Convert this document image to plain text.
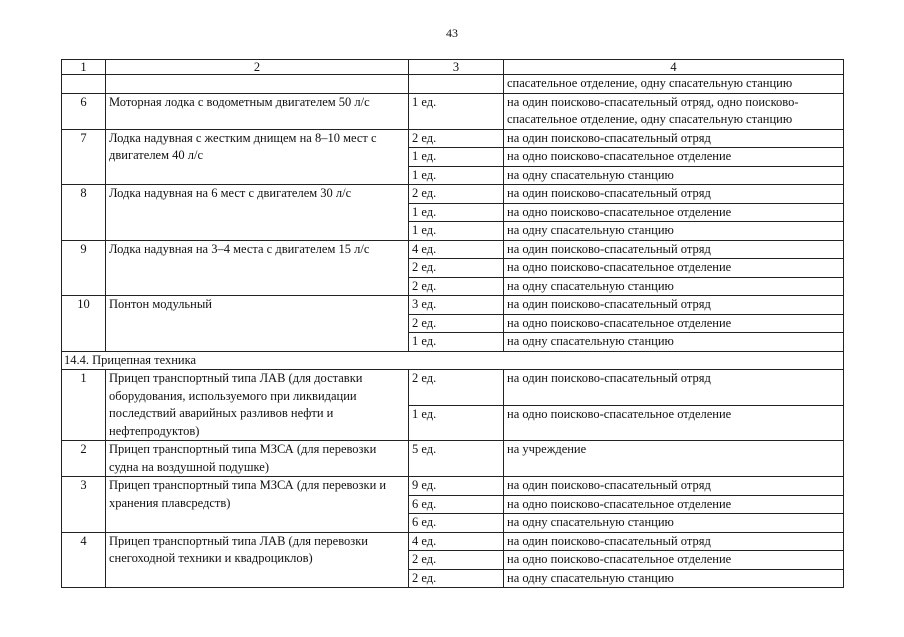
43
1	2	3	4
			спасательное отделение, одну спасательную станцию
6	Моторная лодка с водометным двигателем 50 л/с	1 ед.	на один поисково-спасательный отряд, одно поисково-спасательное отделение, одну спасательную станцию
7	Лодка надувная с жестким днищем на 8–10 мест с двигателем 40 л/с	2 ед.	на один поисково-спасательный отряд
		1 ед.	на одно поисково-спасательное отделение
		1 ед.	на одну спасательную станцию
8	Лодка надувная на 6 мест с двигателем 30 л/с	2 ед.	на один поисково-спасательный отряд
		1 ед.	на одно поисково-спасательное отделение
		1 ед.	на одну спасательную станцию
9	Лодка надувная на 3–4 места с двигателем 15 л/с	4 ед.	на один поисково-спасательный отряд
		2 ед.	на одно поисково-спасательное отделение
		2 ед.	на одну спасательную станцию
10	Понтон модульный	3 ед.	на один поисково-спасательный отряд
		2 ед.	на одно поисково-спасательное отделение
		1 ед.	на одну спасательную станцию
14.4. Прицепная техника			
1	Прицеп транспортный типа ЛАВ (для доставки оборудования, используемого при ликвидации последствий аварийных разливов нефти и нефтепродуктов)	2 ед.	на один поисково-спасательный отряд
		1 ед.	на одно поисково-спасательное отделение
2	Прицеп транспортный типа МЗСА (для перевозки судна на воздушной подушке)	5 ед.	на учреждение
3	Прицеп транспортный типа МЗСА (для перевозки и хранения плавсредств)	9 ед.	на один поисково-спасательный отряд
		6 ед.	на одно поисково-спасательное отделение
		6 ед.	на одну спасательную станцию
4	Прицеп транспортный типа ЛАВ (для перевозки снегоходной техники и квадроциклов)	4 ед.	на один поисково-спасательный отряд
		2 ед.	на одно поисково-спасательное отделение
		2 ед.	на одну спасательную станцию
